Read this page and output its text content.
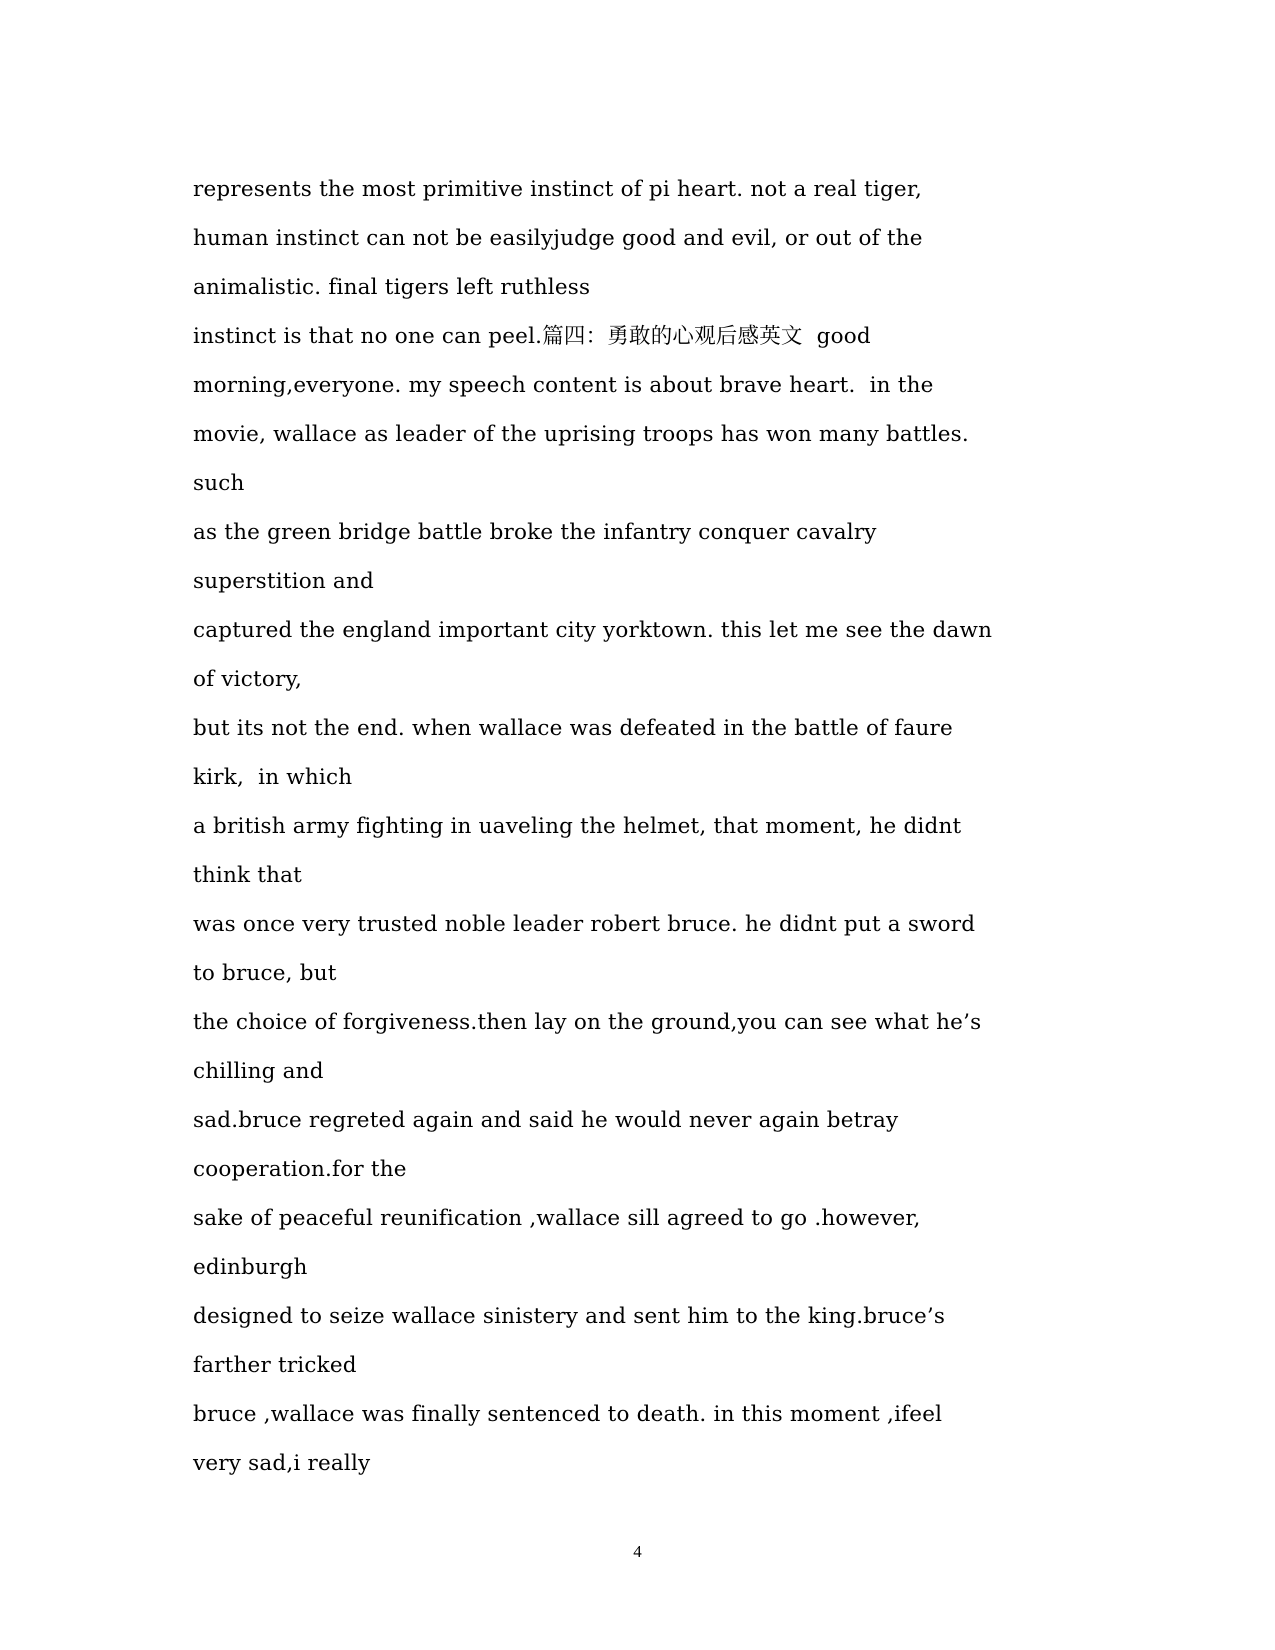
represents the most primitive instinct of pi heart. not a real tiger,
human instinct can not be easilyjudge good and evil, or out of the
animalistic. final tigers left ruthless
instinct is that no one can peel.篇四：勇敢的心观后感英文  good
morning,everyone. my speech content is about brave heart.  in the
movie, wallace as leader of the uprising troops has won many battles.
such
as the green bridge battle broke the infantry conquer cavalry
superstition and
captured the england important city yorktown. this let me see the dawn
of victory,
but its not the end. when wallace was defeated in the battle of faure
kirk,  in which
a british army fighting in uaveling the helmet, that moment, he didnt
think that
was once very trusted noble leader robert bruce. he didnt put a sword
to bruce, but
the choice of forgiveness.then lay on the ground,you can see what he’s
chilling and
sad.bruce regreted again and said he would never again betray
cooperation.for the
sake of peaceful reunification ,wallace sill agreed to go .however,
edinburgh
designed to seize wallace sinistery and sent him to the king.bruce’s
farther tricked
bruce ,wallace was finally sentenced to death. in this moment ,ifeel
very sad,i really
4
